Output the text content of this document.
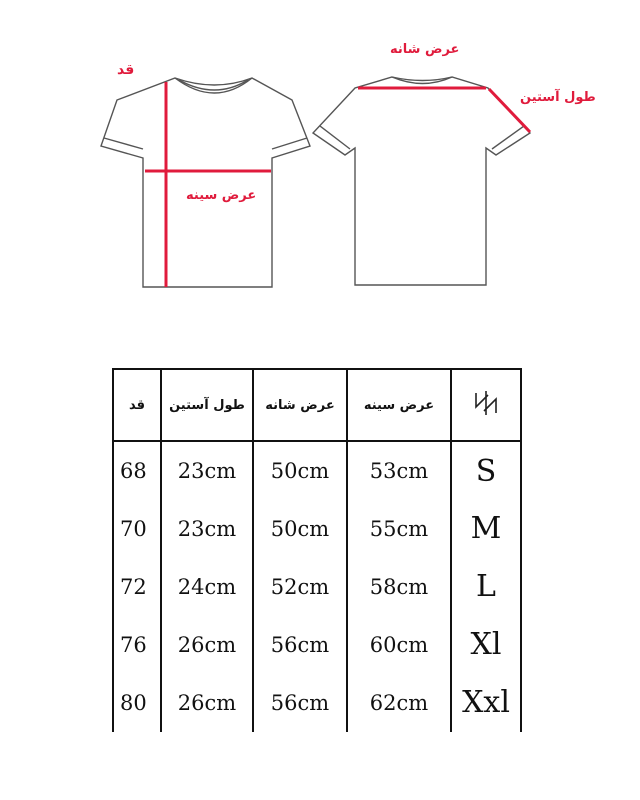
قد
عرض سینه
عرض شانه
طول آستین
قد	طول آستین	عرض شانه	عرض سینه	
68	23cm	50cm	53cm	S
70	23cm	50cm	55cm	M
72	24cm	52cm	58cm	L
76	26cm	56cm	60cm	Xl
80	26cm	56cm	62cm	Xxl
